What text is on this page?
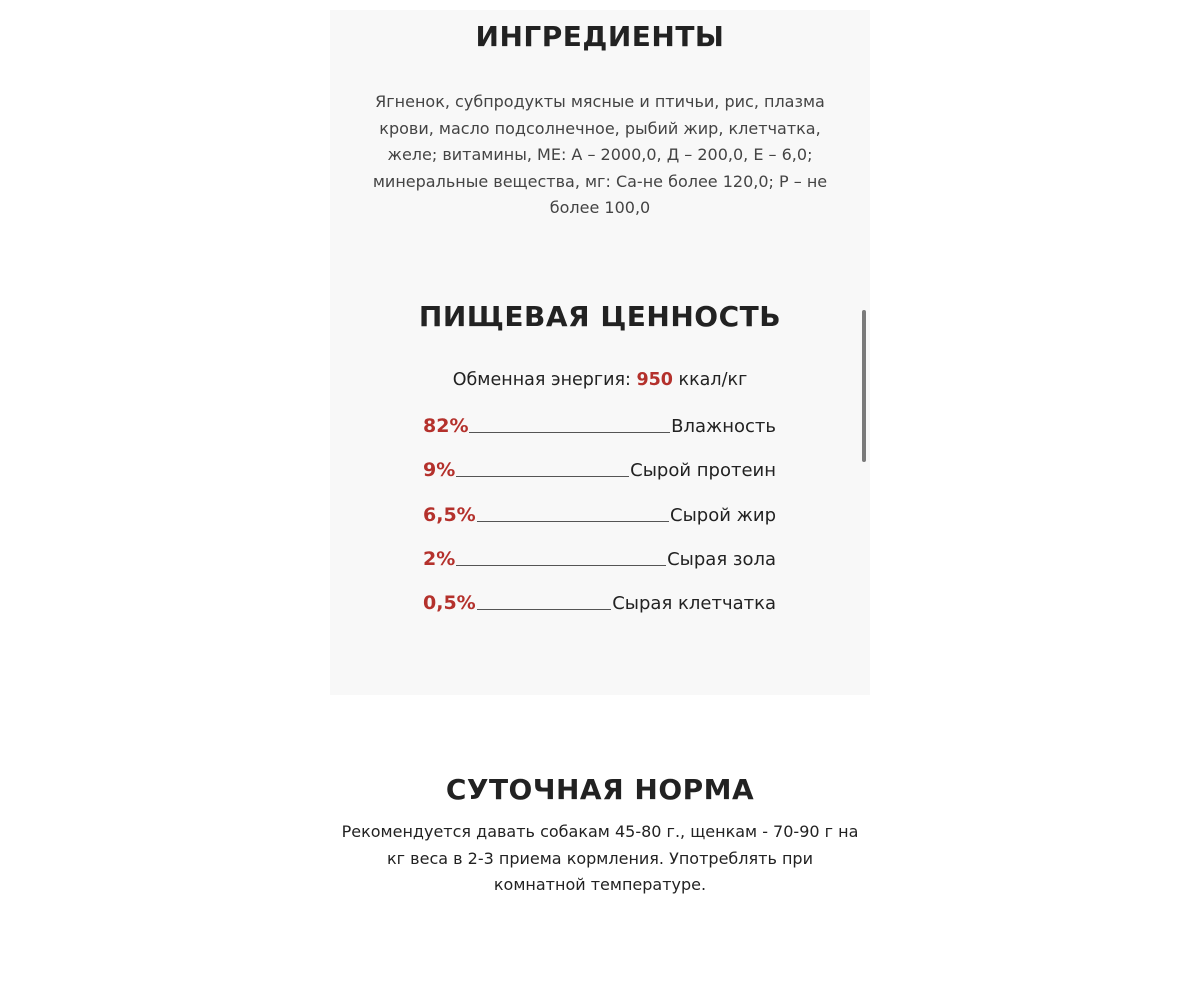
ИНГРЕДИЕНТЫ

Ягненок, субпродукты мясные и птичьи, рис, плазма крови, масло подсолнечное, рыбий жир, клетчатка, желе; витамины, МЕ: А – 2000,0, Д – 200,0, Е – 6,0; минеральные вещества, мг: Са-не более 120,0; Р – не более 100,0

ПИЩЕВАЯ ЦЕННОСТЬ
Обменная энергия: 950 ккал/кг
82%	Влажность
9%	Сырой протеин
6,5%	Сырой жир
2%	Сырая зола
0,5%	Сырая клетчатка
СУТОЧНАЯ НОРМА

Рекомендуется давать собакам 45-80 г., щенкам - 70-90 г на кг веса в 2-3 приема кормления. Употреблять при комнатной температуре.
